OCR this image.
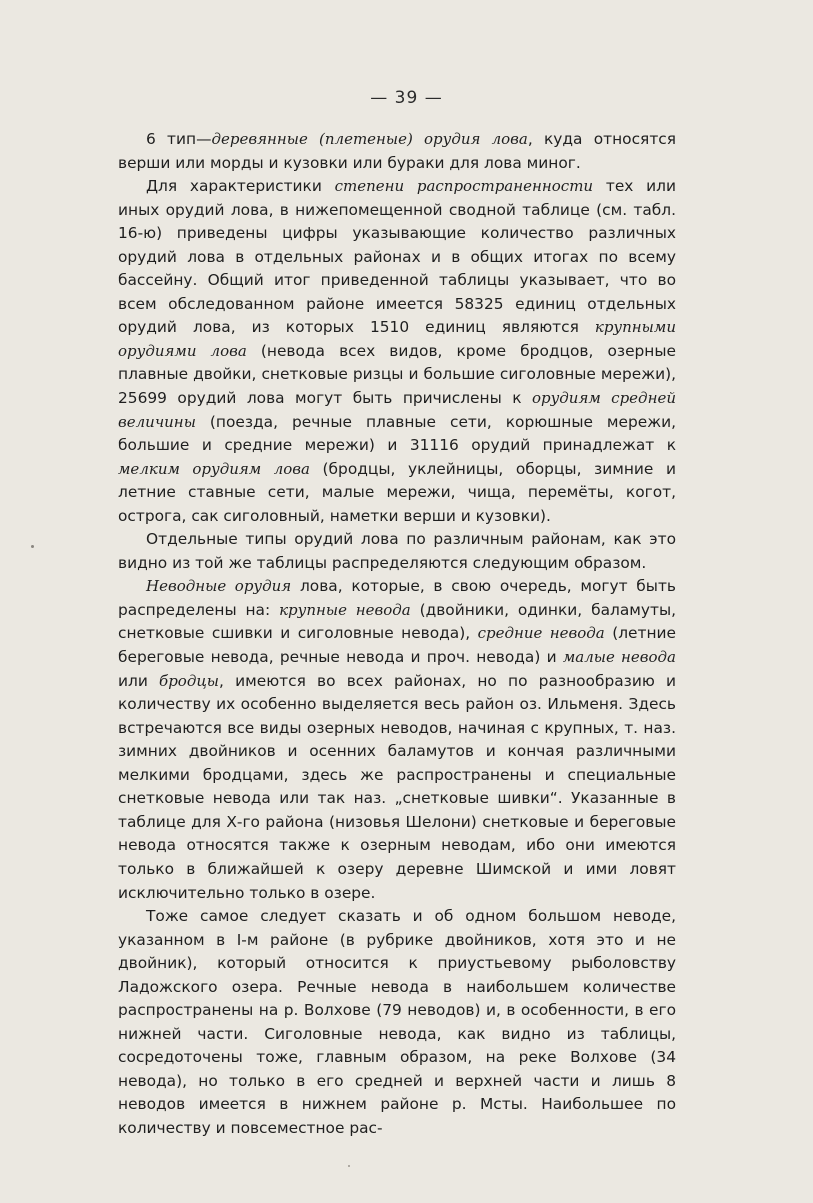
— 39 —

6 тип—деревянные (плетеные) орудия лова, куда относятся верши или морды и кузовки или бураки для лова миног.

Для характеристики степени распространенности тех или иных орудий лова, в нижепомещенной сводной таблице (см. табл. 16-ю) приведены цифры указывающие количество различных орудий лова в отдельных районах и в общих итогах по всему бассейну. Общий итог приведенной таблицы указывает, что во всем обследованном районе имеется 58325 единиц отдельных орудий лова, из которых 1510 единиц являются крупными орудиями лова (невода всех видов, кроме бродцов, озерные плавные двойки, снетковые ризцы и большие сиголовные мережи), 25699 орудий лова могут быть причислены к орудиям средней величины (поезда, речные плавные сети, корюшные мережи, большие и средние мережи) и 31116 орудий принадлежат к мелким орудиям лова (бродцы, уклейницы, оборцы, зимние и летние ставные сети, малые мережи, чища, перемёты, когот, острога, сак сиголовный, наметки верши и кузовки).

Отдельные типы орудий лова по различным районам, как это видно из той же таблицы распределяются следующим образом.

Неводные орудия лова, которые, в свою очередь, могут быть распределены на: крупные невода (двойники, одинки, баламуты, снетковые сшивки и сиголовные невода), средние невода (летние береговые невода, речные невода и проч. невода) и малые невода или бродцы, имеются во всех районах, но по разнообразию и количеству их особенно выделяется весь район оз. Ильменя. Здесь встречаются все виды озерных неводов, начиная с крупных, т. наз. зимних двойников и осенних баламутов и кончая различными мелкими бродцами, здесь же распространены и специальные снетковые невода или так наз. „снетковые шивки“. Указанные в таблице для Х-го района (низовья Шелони) снетковые и береговые невода относятся также к озерным неводам, ибо они имеются только в ближайшей к озеру деревне Шимской и ими ловят исключительно только в озере.

Тоже самое следует сказать и об одном большом неводе, указанном в I-м районе (в рубрике двойников, хотя это и не двойник), который относится к приустьевому рыболовству Ладожского озера. Речные невода в наибольшем количестве распространены на р. Волхове (79 неводов) и, в особенности, в его нижней части. Сиголовные невода, как видно из таблицы, сосредоточены тоже, главным образом, на реке Волхове (34 невода), но только в его средней и верхней части и лишь 8 неводов имеется в нижнем районе р. Мсты. Наибольшее по количеству и повсеместное рас-
